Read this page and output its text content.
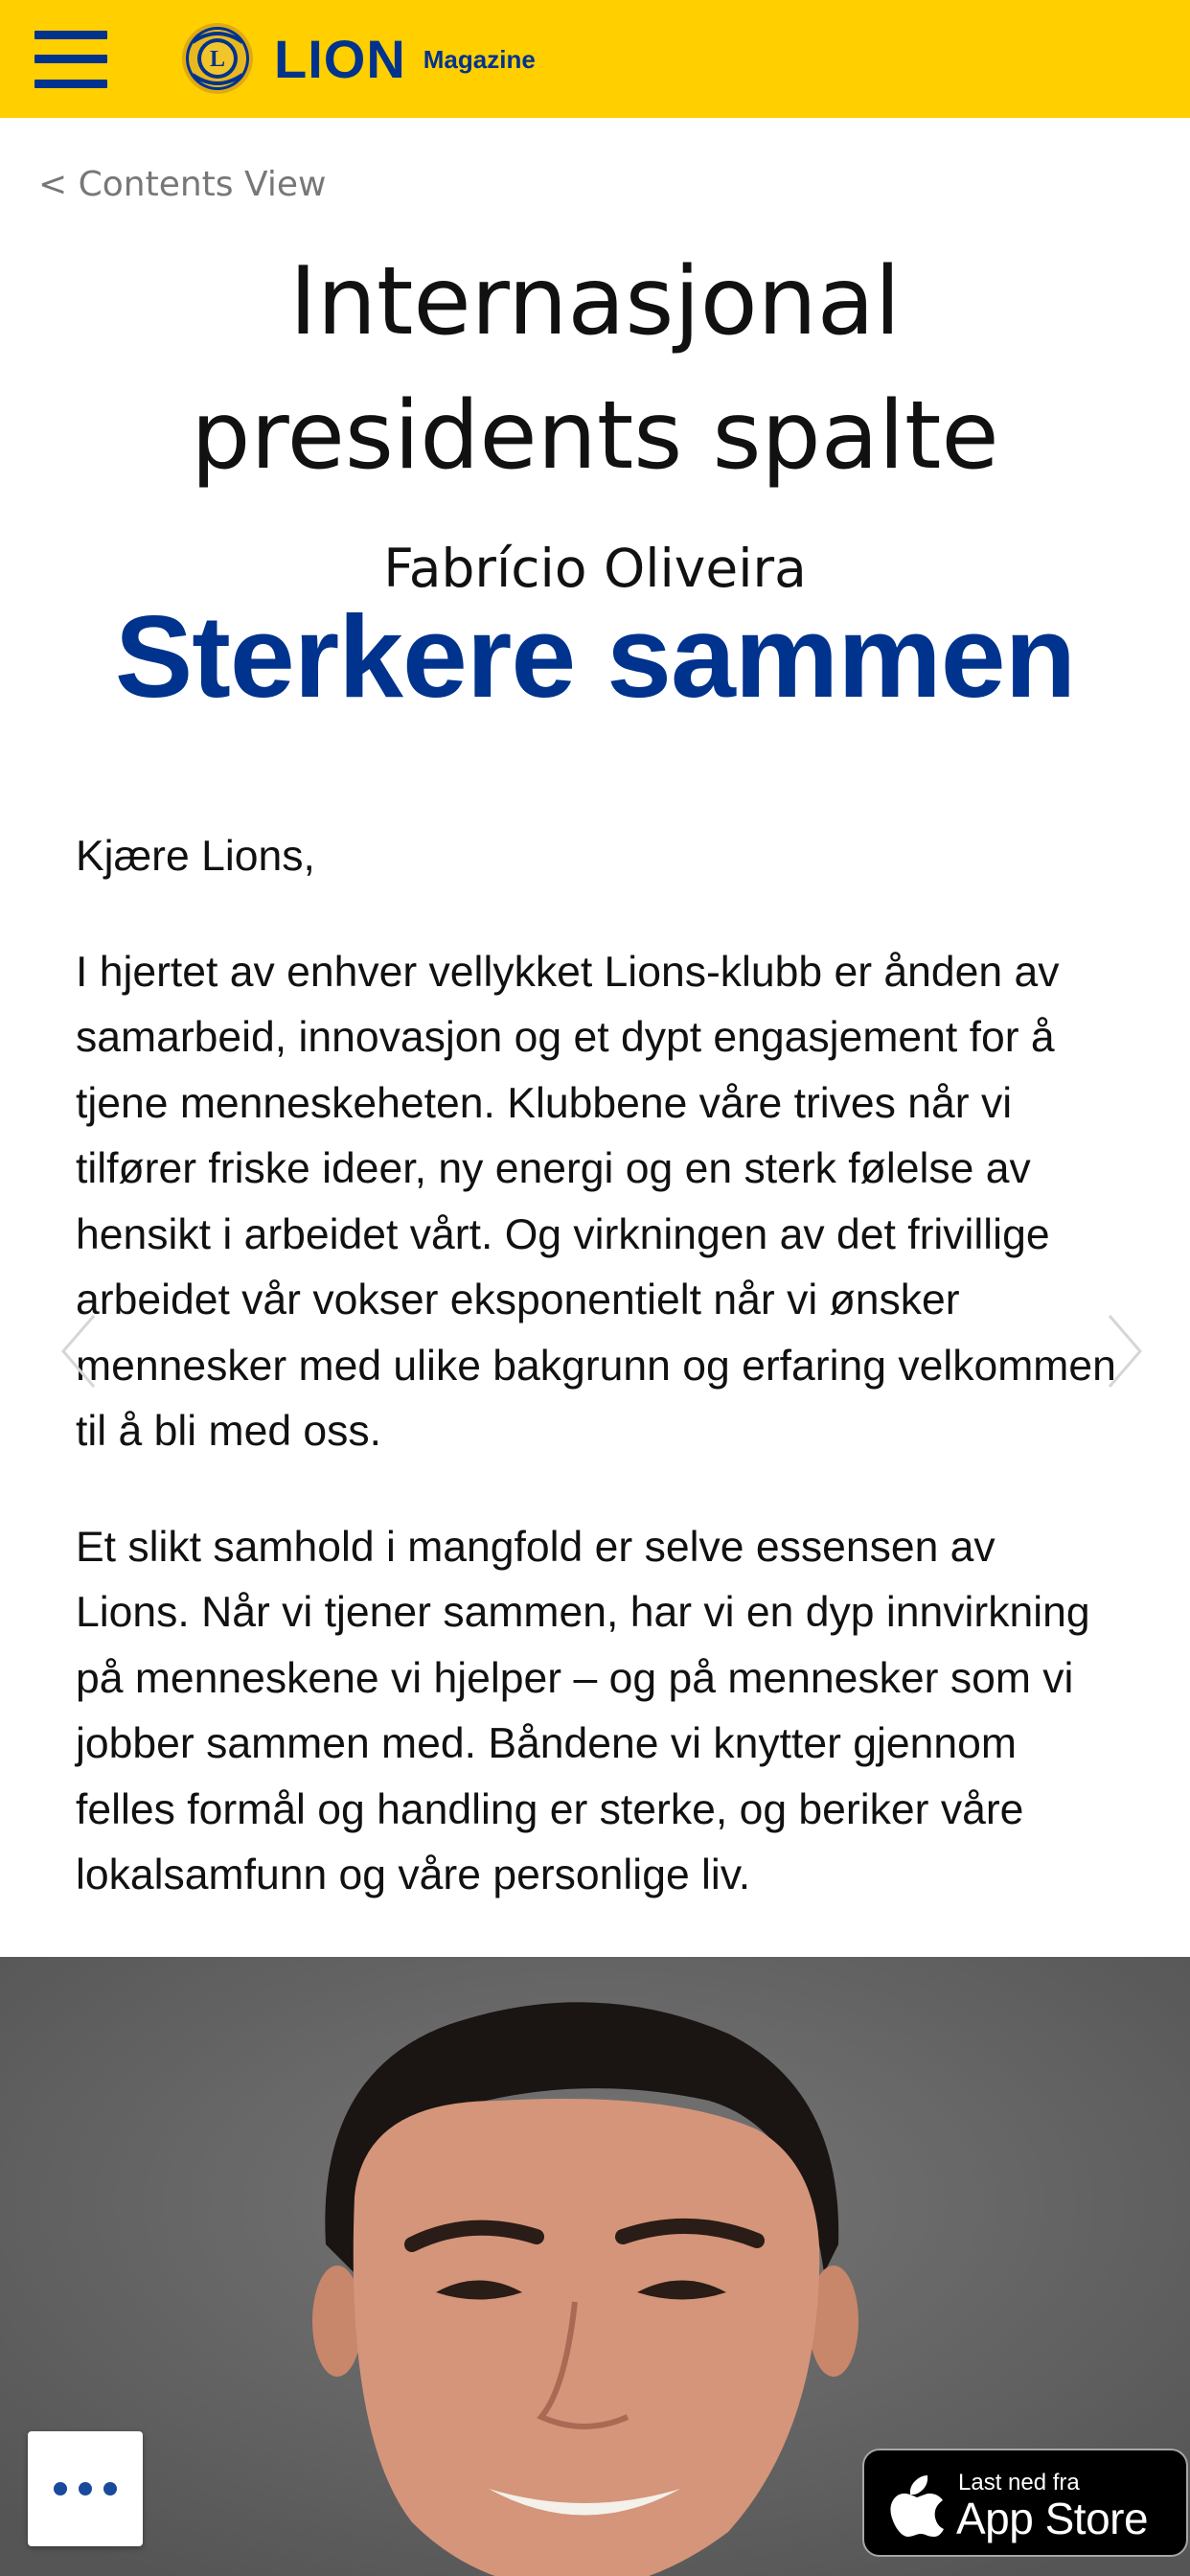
L LION Magazine
< Contents View
Internasjonal
presidents spalte
Fabrício Oliveira
Sterkere sammen

Kjære Lions,

I hjertet av enhver vellykket Lions-klubb er ånden av samarbeid, innovasjon og et dypt engasjement for å tjene menneskeheten. Klubbene våre trives når vi tilfører friske ideer, ny energi og en sterk følelse av hensikt i arbeidet vårt. Og virkningen av det frivillige arbeidet vår vokser eksponentielt når vi ønsker mennesker med ulike bakgrunn og erfaring velkommen til å bli med oss.

Et slikt samhold i mangfold er selve essensen av Lions. Når vi tjener sammen, har vi en dyp innvirkning på menneskene vi hjelper – og på mennesker som vi jobber sammen med. Båndene vi knytter gjennom felles formål og handling er sterke, og beriker våre lokalsamfunn og våre personlige liv.

Last ned fra
App Store
